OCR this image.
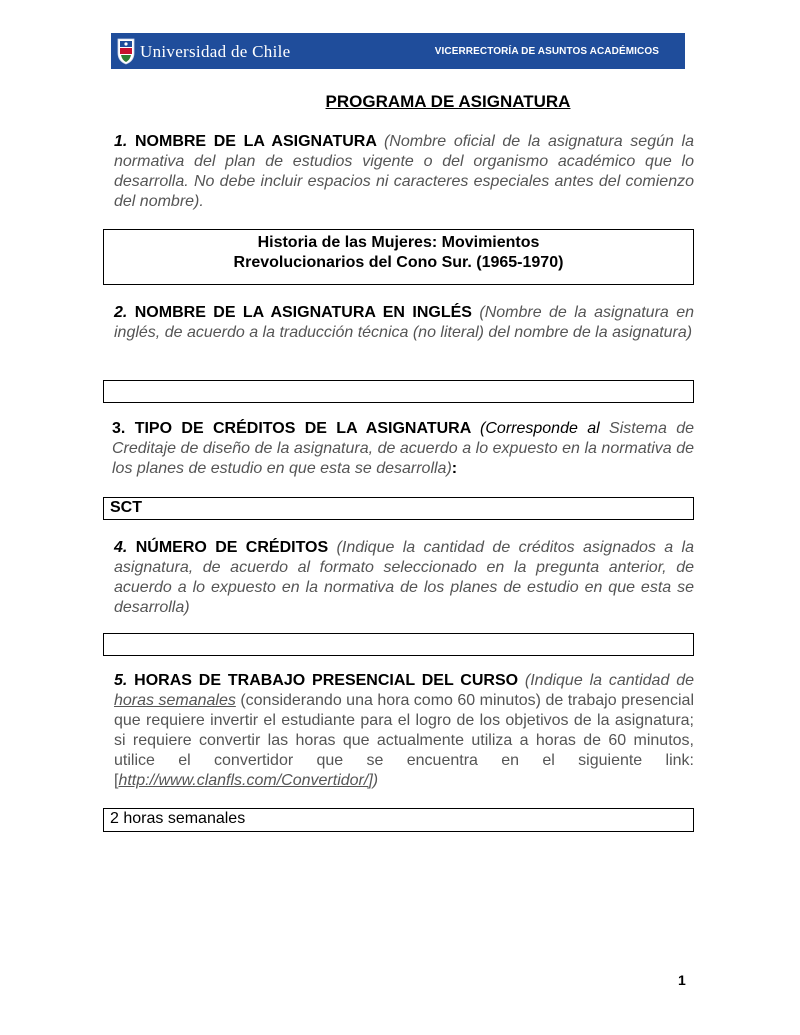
Universidad de Chile	VICERRECTORÍA DE ASUNTOS ACADÉMICOS
PROGRAMA DE ASIGNATURA
1. NOMBRE DE LA ASIGNATURA (Nombre oficial de la asignatura según la normativa del plan de estudios vigente o del organismo académico que lo desarrolla. No debe incluir espacios ni caracteres especiales antes del comienzo del nombre).
Historia de las Mujeres: Movimientos
Rrevolucionarios del Cono Sur. (1965-1970)
2. NOMBRE DE LA ASIGNATURA EN INGLÉS (Nombre de la asignatura en inglés, de acuerdo a la traducción técnica (no literal) del nombre de la asignatura)
3. TIPO DE CRÉDITOS DE LA ASIGNATURA (Corresponde al Sistema de Creditaje de diseño de la asignatura, de acuerdo a lo expuesto en la normativa de los planes de estudio en que esta se desarrolla):
SCT
4. NÚMERO DE CRÉDITOS (Indique la cantidad de créditos asignados a la asignatura, de acuerdo al formato seleccionado en la pregunta anterior, de acuerdo a lo expuesto en la normativa de los planes de estudio en que esta se desarrolla)
5. HORAS DE TRABAJO PRESENCIAL DEL CURSO (Indique la cantidad de horas semanales (considerando una hora como 60 minutos) de trabajo presencial que requiere invertir el estudiante para el logro de los objetivos de la asignatura; si requiere convertir las horas que actualmente utiliza a horas de 60 minutos, utilice el convertidor que se encuentra en el siguiente link: [http://www.clanfls.com/Convertidor/])
2 horas semanales
1
